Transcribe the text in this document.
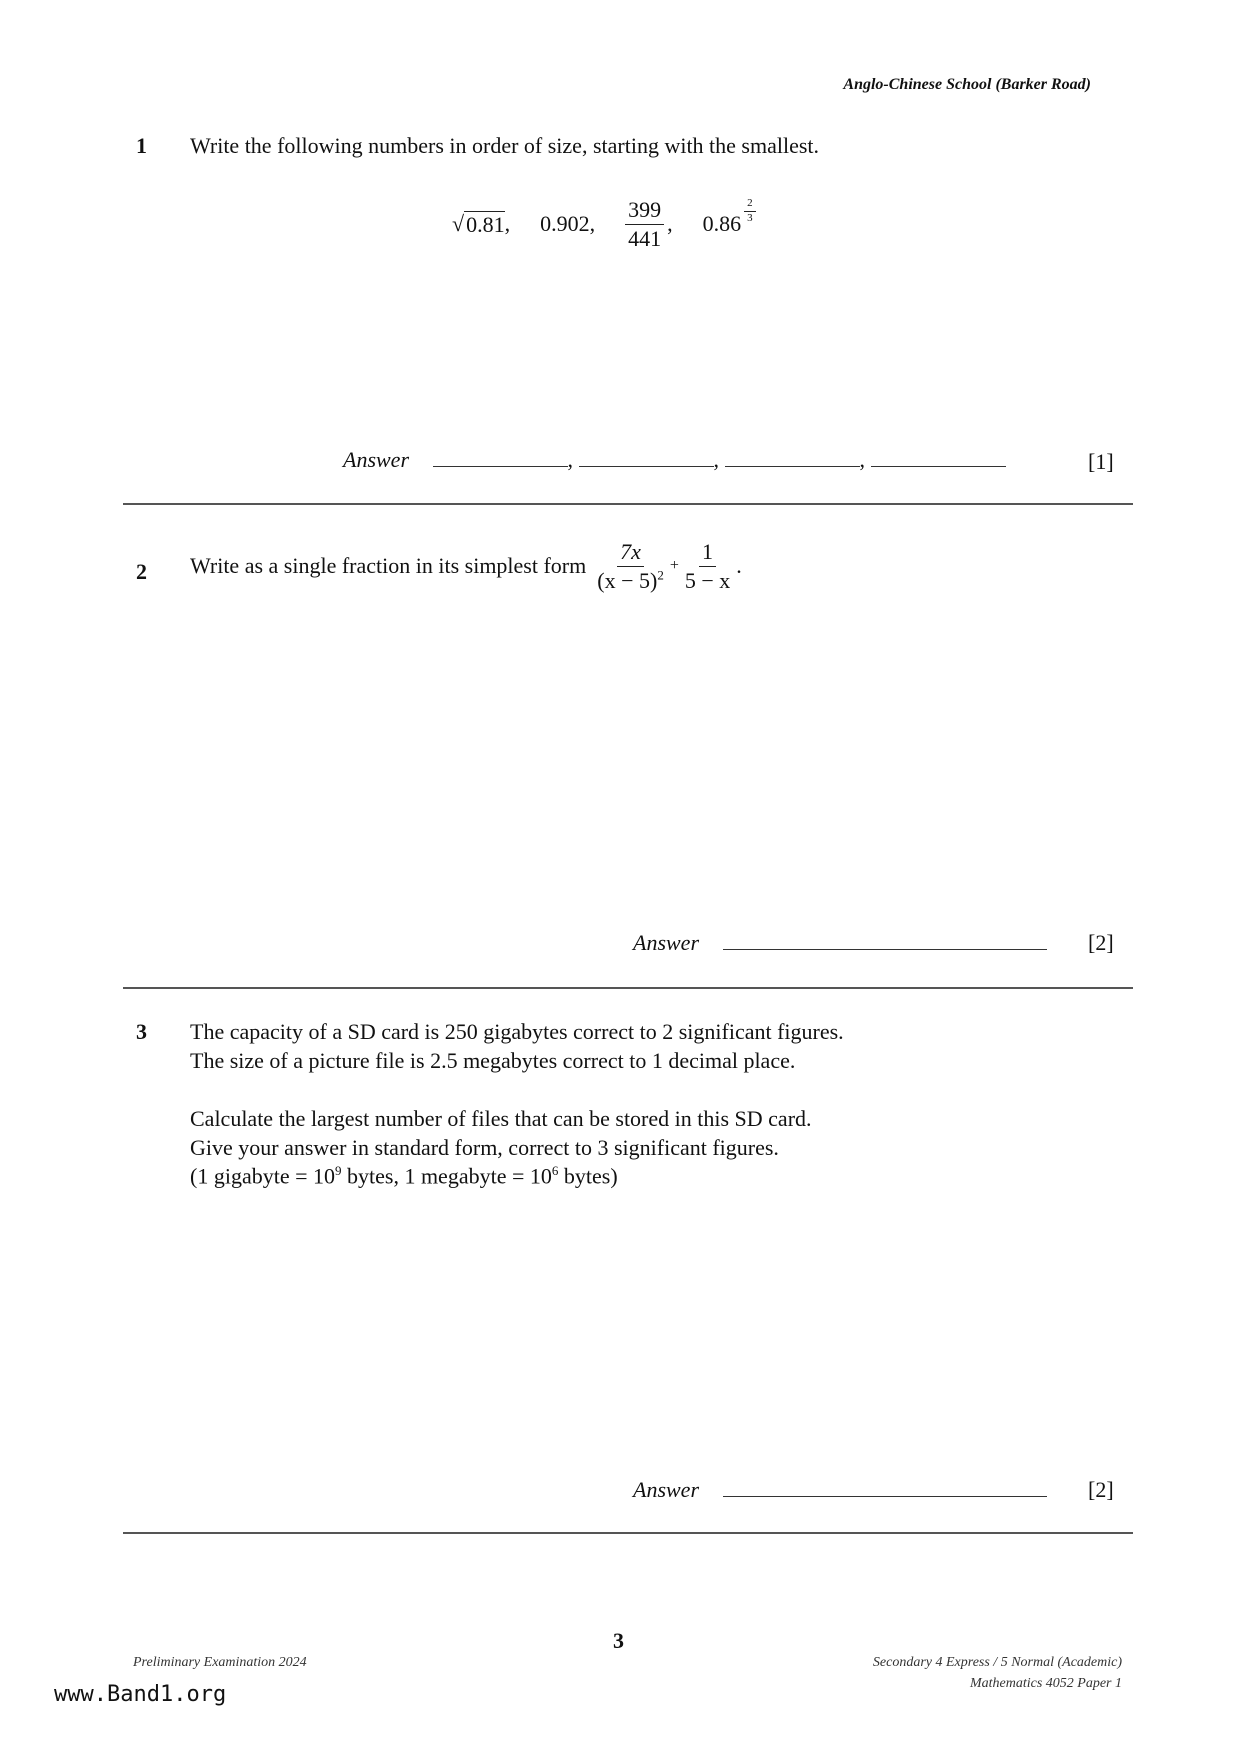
Anglo-Chinese School (Barker Road)
1 Write the following numbers in order of size, starting with the smallest.
√ 0.81 , 0.902, $\frac{399}{441}$ , $0.86 \frac{2}{3}$
Answer	,	,	,	[1]
2 Write as a single fraction in its simplest form $\frac{7x}{(x - 5)^2} + \frac{1}{5 - x}$ .
Answer	[2]
3 The capacity of a SD card is 250 gigabytes correct to 2 significant figures.
The size of a picture file is 2.5 megabytes correct to 1 decimal place.
Calculate the largest number of files that can be stored in this SD card.
Give your answer in standard form, correct to 3 significant figures.
(1 gigabyte = $10^9$ bytes, 1 megabyte = $10^6$ bytes)
Answer	[2]
3
Preliminary Examination 2024	Secondary 4 Express / 5 Normal (Academic)
Mathematics 4052 Paper 1
www.Band1.org
